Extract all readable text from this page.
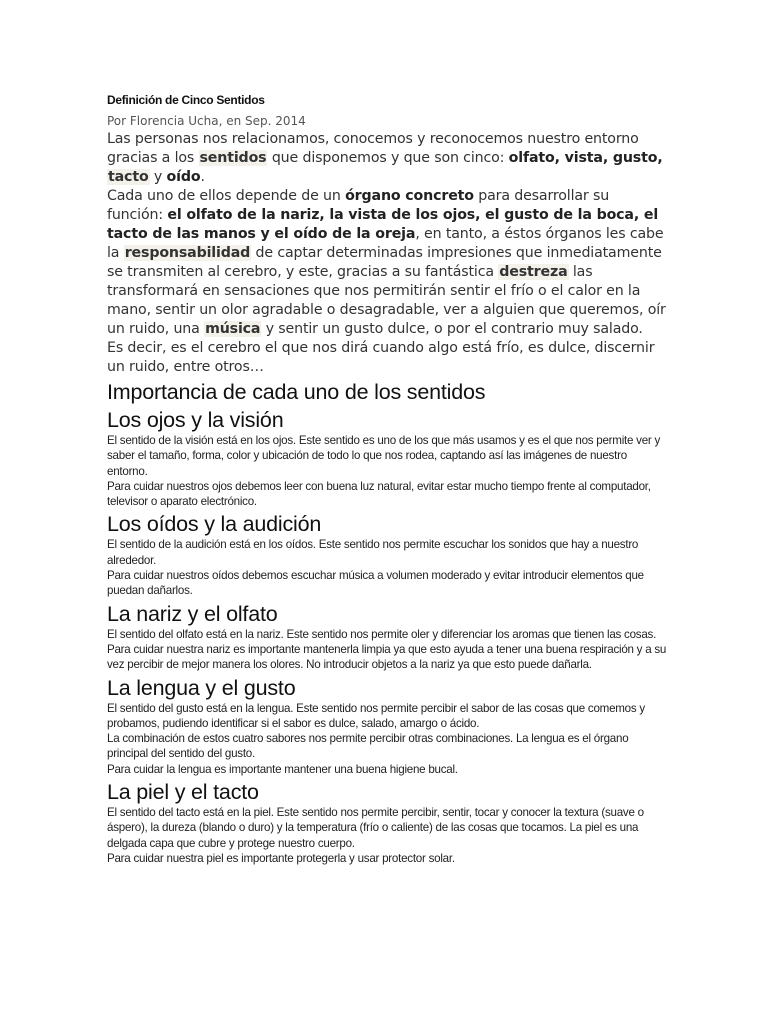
Definición de Cinco Sentidos
Por Florencia Ucha, en Sep. 2014

Las personas nos relacionamos, conocemos y reconocemos nuestro entorno gracias a los sentidos que disponemos y que son cinco: olfato, vista, gusto, tacto y oído.

Cada uno de ellos depende de un órgano concreto para desarrollar su función: el olfato de la nariz, la vista de los ojos, el gusto de la boca, el tacto de las manos y el oído de la oreja, en tanto, a éstos órganos les cabe la responsabilidad de captar determinadas impresiones que inmediatamente se transmiten al cerebro, y este, gracias a su fantástica destreza las transformará en sensaciones que nos permitirán sentir el frío o el calor en la mano, sentir un olor agradable o desagradable, ver a alguien que queremos, oír un ruido, una música y sentir un gusto dulce, o por el contrario muy salado.

Es decir, es el cerebro el que nos dirá cuando algo está frío, es dulce, discernir un ruido, entre otros…

Importancia de cada uno de los sentidos
Los ojos y la visión

El sentido de la visión está en los ojos. Este sentido es uno de los que más usamos y es el que nos permite ver y saber el tamaño, forma, color y ubicación de todo lo que nos rodea, captando así las imágenes de nuestro entorno.

Para cuidar nuestros ojos debemos leer con buena luz natural, evitar estar mucho tiempo frente al computador, televisor o aparato electrónico.

Los oídos y la audición

El sentido de la audición está en los oídos. Este sentido nos permite escuchar los sonidos que hay a nuestro alrededor.

Para cuidar nuestros oídos debemos escuchar música a volumen moderado y evitar introducir elementos que puedan dañarlos.

La nariz y el olfato

El sentido del olfato está en la nariz. Este sentido nos permite oler y diferenciar los aromas que tienen las cosas.

Para cuidar nuestra nariz es importante mantenerla limpia ya que esto ayuda a tener una buena respiración y a su vez percibir de mejor manera los olores. No introducir objetos a la nariz ya que esto puede dañarla.

La lengua y el gusto

El sentido del gusto está en la lengua. Este sentido nos permite percibir el sabor de las cosas que comemos y probamos, pudiendo identificar si el sabor es dulce, salado, amargo o ácido.

La combinación de estos cuatro sabores nos permite percibir otras combinaciones. La lengua es el órgano principal del sentido del gusto.

Para cuidar la lengua es importante mantener una buena higiene bucal.

La piel y el tacto

El sentido del tacto está en la piel. Este sentido nos permite percibir, sentir, tocar y conocer la textura (suave o áspero), la dureza (blando o duro) y la temperatura (frío o caliente) de las cosas que tocamos. La piel es una delgada capa que cubre y protege nuestro cuerpo.

Para cuidar nuestra piel es importante protegerla y usar protector solar.
